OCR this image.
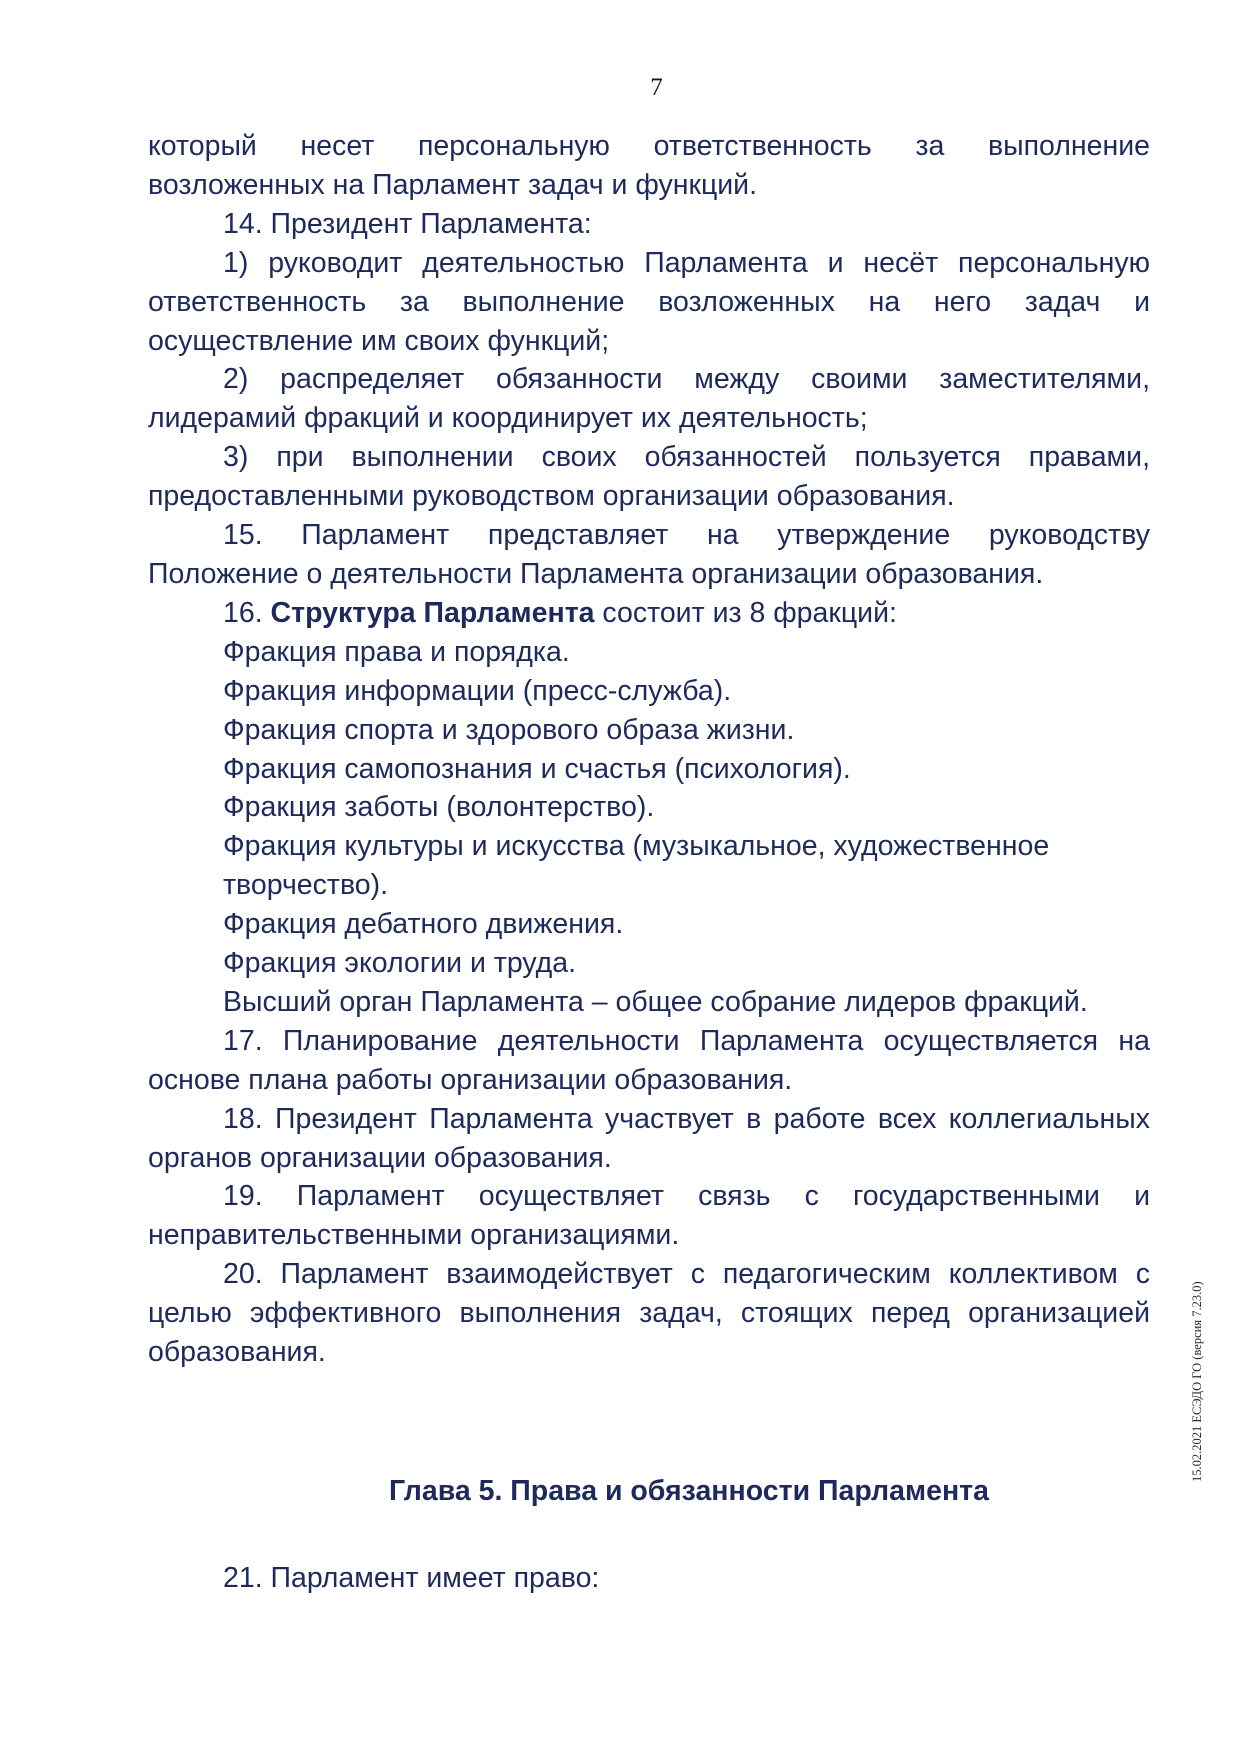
7

который несет персональную ответственность за выполнение возложенных на Парламент задач и функций.

14. Президент Парламента:

1) руководит деятельностью Парламента и несёт персональную ответственность за выполнение возложенных на него задач и осуществление им своих функций;

2) распределяет обязанности между своими заместителями, лидерамий фракций и координирует их деятельность;

3) при выполнении своих обязанностей пользуется правами, предоставленными руководством организации образования.

15. Парламент представляет на утверждение руководству Положение о деятельности Парламента организации образования.

16. Структура Парламента состоит из 8 фракций:

Фракция права и порядка.

Фракция информации (пресс-служба).

Фракция спорта и здорового образа жизни.

Фракция самопознания и счастья (психология).

Фракция заботы (волонтерство).

Фракция культуры и искусства (музыкальное, художественное творчество).

Фракция дебатного движения.

Фракция экологии и труда.

Высший орган Парламента – общее собрание лидеров фракций.

17. Планирование деятельности Парламента осуществляется на основе плана работы организации образования.

18. Президент Парламента участвует в работе всех коллегиальных органов организации образования.

19. Парламент осуществляет связь с государственными и неправительственными организациями.

20. Парламент взаимодействует с педагогическим коллективом с целью эффективного выполнения задач, стоящих перед организацией образования.

Глава 5. Права и обязанности Парламента

21. Парламент имеет право:

15.02.2021 ЕСЭДО ГО (версия 7.23.0)
